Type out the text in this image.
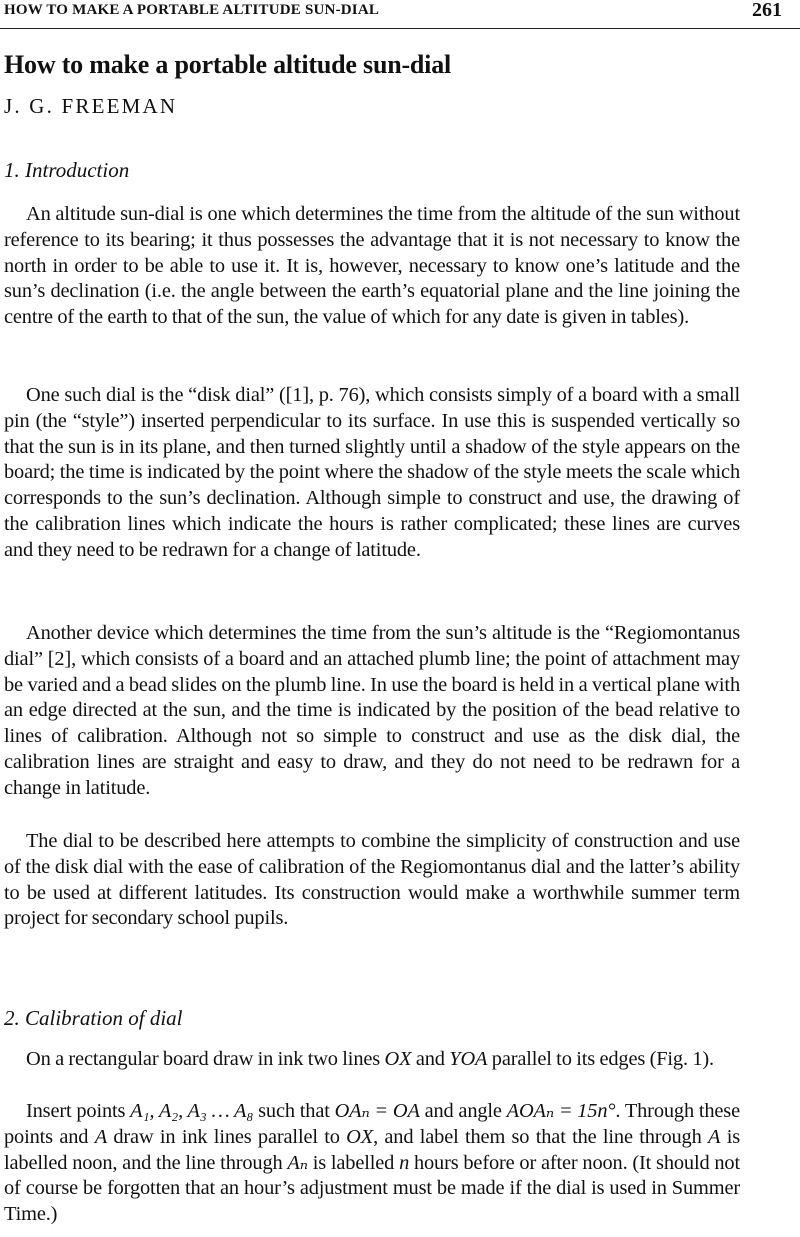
HOW TO MAKE A PORTABLE ALTITUDE SUN-DIAL	261
How to make a portable altitude sun-dial
J. G. FREEMAN
1. Introduction

An altitude sun-dial is one which determines the time from the altitude of the sun without reference to its bearing; it thus possesses the advantage that it is not necessary to know the north in order to be able to use it. It is, however, necessary to know one’s latitude and the sun’s declination (i.e. the angle between the earth’s equatorial plane and the line joining the centre of the earth to that of the sun, the value of which for any date is given in tables).

One such dial is the “disk dial” ([1], p. 76), which consists simply of a board with a small pin (the “style”) inserted perpendicular to its surface. In use this is suspended vertically so that the sun is in its plane, and then turned slightly until a shadow of the style appears on the board; the time is indicated by the point where the shadow of the style meets the scale which corresponds to the sun’s declination. Although simple to construct and use, the drawing of the calibration lines which indicate the hours is rather complicated; these lines are curves and they need to be redrawn for a change of latitude.

Another device which determines the time from the sun’s altitude is the “Regiomontanus dial” [2], which consists of a board and an attached plumb line; the point of attachment may be varied and a bead slides on the plumb line. In use the board is held in a vertical plane with an edge directed at the sun, and the time is indicated by the position of the bead relative to lines of calibration. Although not so simple to construct and use as the disk dial, the calibration lines are straight and easy to draw, and they do not need to be redrawn for a change in latitude.

The dial to be described here attempts to combine the simplicity of construction and use of the disk dial with the ease of calibration of the Regiomontanus dial and the latter’s ability to be used at different latitudes. Its construction would make a worthwhile summer term project for secondary school pupils.

2. Calibration of dial

On a rectangular board draw in ink two lines OX and YOA parallel to its edges (Fig. 1).

Insert points A₁, A₂, A₃ … A₈ such that OAₙ = OA and angle AOAₙ = 15n°. Through these points and A draw in ink lines parallel to OX, and label them so that the line through A is labelled noon, and the line through Aₙ is labelled n hours before or after noon. (It should not of course be forgotten that an hour’s adjustment must be made if the dial is used in Summer Time.)
